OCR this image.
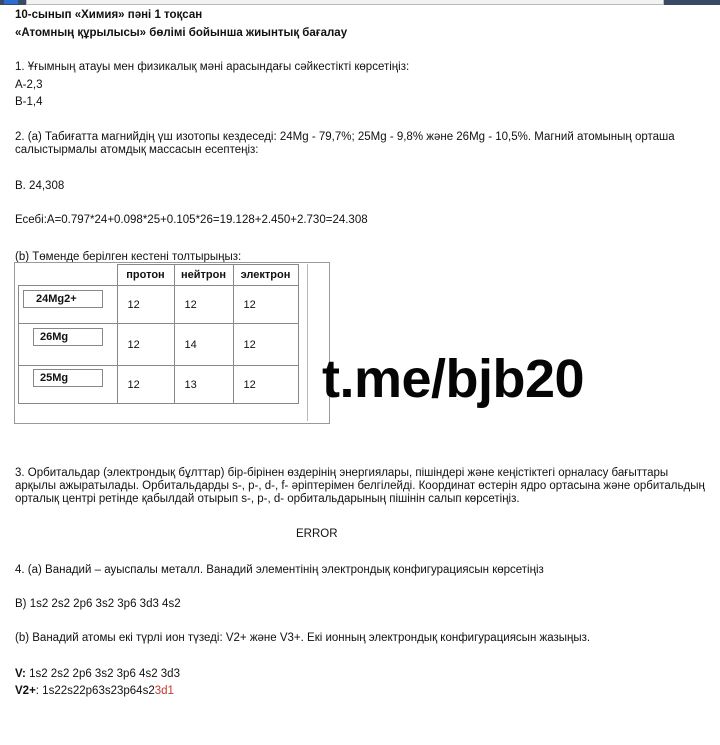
10-сынып «Химия» пәні 1 тоқсан
«Атомның құрылысы» бөлімі бойынша жиынтық бағалау
1. Ұғымның атауы мен физикалық мәні арасындағы сәйкестікті көрсетіңіз:
А-2,3
В-1,4
2. (a) Табиғатта магнийдің үш изотопы кездеседі: 24Mg - 79,7%; 25Mg - 9,8% және 26Mg - 10,5%. Магний атомының орташа салыстырмалы атомдық массасын есептеңіз:
В. 24,308
Есебі:А=0.797*24+0.098*25+0.105*26=19.128+2.450+2.730=24.308
(b) Төменде берілген кестені толтырыңыз:
	протон	нейтрон	электрон
24Mg2+	12	12	12
26Mg	12	14	12
25Mg	12	13	12 t.me/bjb20
3. Орбитальдар (электрондық бұлттар) бір-бірінен өздерінің энергиялары, пішіндері және кеңістіктегі орналасу бағыттары арқылы ажыратылады. Орбитальдарды s-, p-, d-, f- әріптерімен белгілейді. Координат өстерін ядро ортасына және орбитальдың орталық центрі ретінде қабылдай отырып s-, p-, d- орбитальдарының пішінін салып көрсетіңіз.
ERROR
4. (a) Ванадий – ауыспалы металл. Ванадий элементінің электрондық конфигурациясын көрсетіңіз
В) 1s2 2s2 2p6 3s2 3p6 3d3 4s2
(b) Ванадий атомы екі түрлі ион түзеді: V2+ және V3+. Екі ионның электрондық конфигурациясын жазыңыз.
V: 1s2 2s2 2p6 3s2 3p6 4s2 3d3
V2+: 1s22s22p63s23p64s23d1
